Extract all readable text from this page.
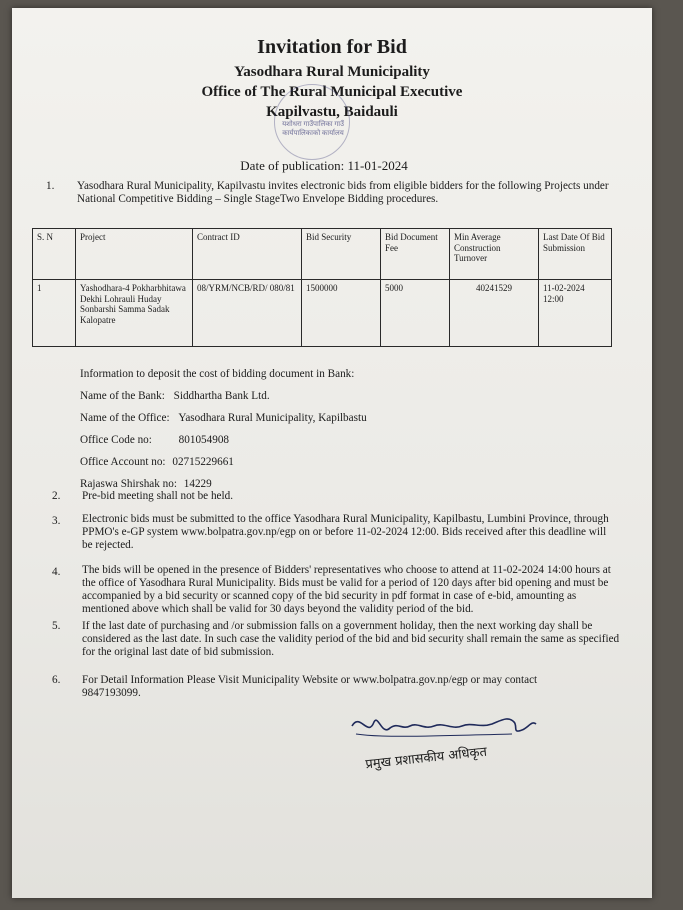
Invitation for Bid
Yasodhara Rural Municipality
Office of The Rural Municipal Executive
Kapilvastu, Baidauli
यशोधरा गाउँपालिका गाउँ कार्यपालिकाको कार्यालय
Date of publication: 11-01-2024
1. Yasodhara Rural Municipality, Kapilvastu invites electronic bids from eligible bidders for the following Projects under National Competitive Bidding – Single StageTwo Envelope Bidding procedures.
S. N	Project	Contract ID	Bid Security	Bid Document Fee	Min Average Construction Turnover	Last Date Of Bid Submission
1	Yashodhara-4 Pokharbhitawa Dekhi Lohrauli Huday Sonbarshi Samma Sadak Kalopatre	08/YRM/NCB/RD/ 080/81	1500000	5000	40241529	11-02-2024 12:00
Information to deposit the cost of bidding document in Bank:
Name of the Bank: Siddhartha Bank Ltd.
Name of the Office: Yasodhara Rural Municipality, Kapilbastu
Office Code no: 801054908
Office Account no: 02715229661
Rajaswa Shirshak no: 14229
2. Pre-bid meeting shall not be held.
3. Electronic bids must be submitted to the office Yasodhara Rural Municipality, Kapilbastu, Lumbini Province, through PPMO's e-GP system www.bolpatra.gov.np/egp on or before 11-02-2024 12:00. Bids received after this deadline will be rejected.
4. The bids will be opened in the presence of Bidders' representatives who choose to attend at 11-02-2024 14:00 hours at the office of Yasodhara Rural Municipality. Bids must be valid for a period of 120 days after bid opening and must be accompanied by a bid security or scanned copy of the bid security in pdf format in case of e-bid, amounting as mentioned above which shall be valid for 30 days beyond the validity period of the bid.
5. If the last date of purchasing and /or submission falls on a government holiday, then the next working day shall be considered as the last date. In such case the validity period of the bid and bid security shall remain the same as specified for the original last date of bid submission.
6. For Detail Information Please Visit Municipality Website or www.bolpatra.gov.np/egp or may contact 9847193099.
प्रमुख प्रशासकीय अधिकृत
